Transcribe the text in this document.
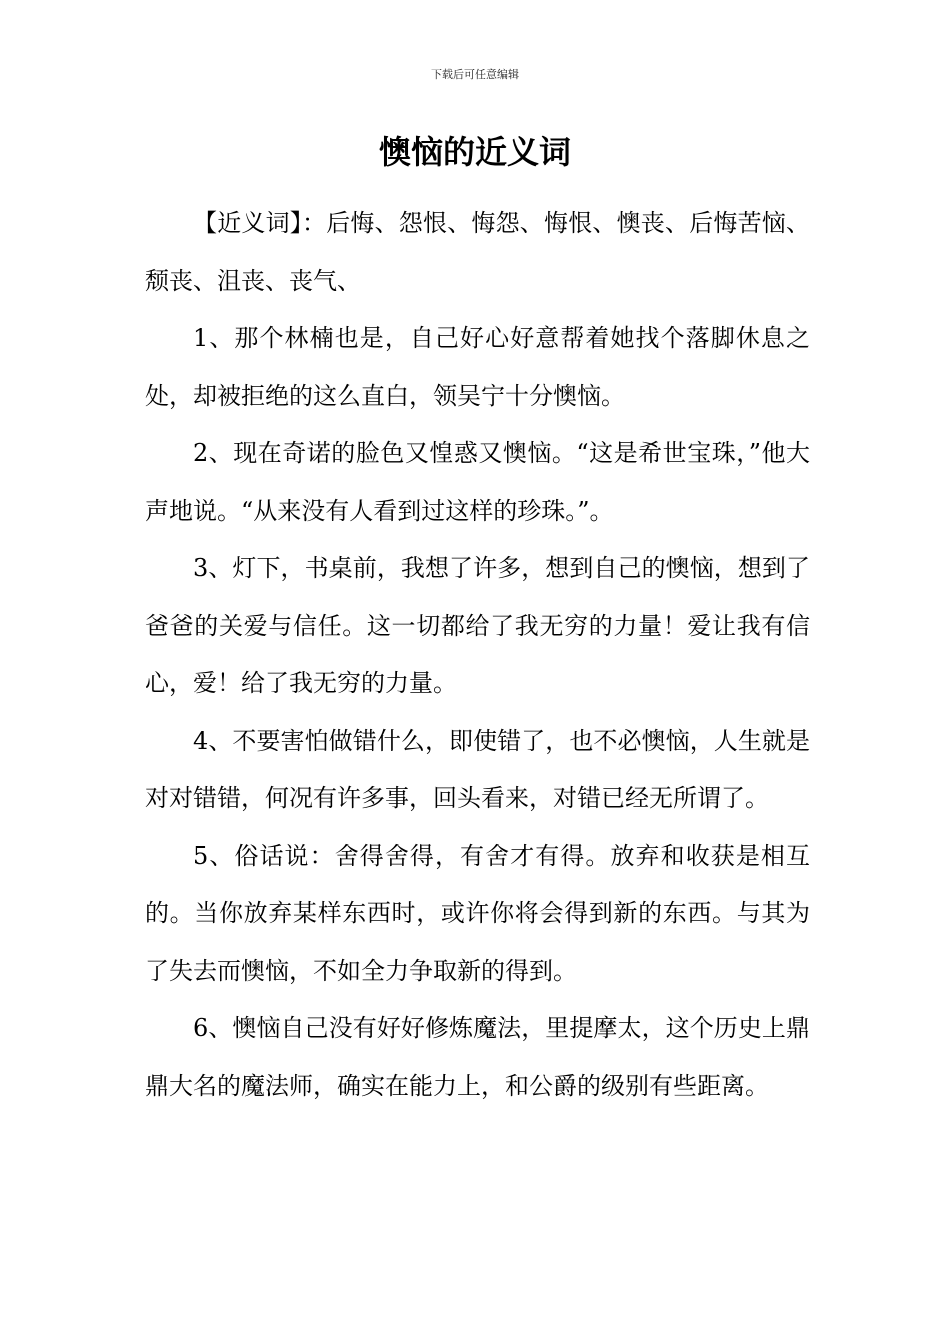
下载后可任意编辑
懊恼的近义词

【近义词】：后悔、怨恨、悔怨、悔恨、懊丧、后悔苦恼、颓丧、沮丧、丧气、

1、那个林楠也是，自己好心好意帮着她找个落脚休息之处，却被拒绝的这么直白，领吴宁十分懊恼。

2、现在奇诺的脸色又惶惑又懊恼。“这是希世宝珠，”他大声地说。“从来没有人看到过这样的珍珠。”。

3、灯下，书桌前，我想了许多，想到自己的懊恼，想到了爸爸的关爱与信任。这一切都给了我无穷的力量！爱让我有信心，爱！给了我无穷的力量。

4、不要害怕做错什么，即使错了，也不必懊恼，人生就是对对错错，何况有许多事，回头看来，对错已经无所谓了。

5、俗话说：舍得舍得，有舍才有得。放弃和收获是相互的。当你放弃某样东西时，或许你将会得到新的东西。与其为了失去而懊恼，不如全力争取新的得到。

6、懊恼自己没有好好修炼魔法，里提摩太，这个历史上鼎鼎大名的魔法师，确实在能力上，和公爵的级别有些距离。
